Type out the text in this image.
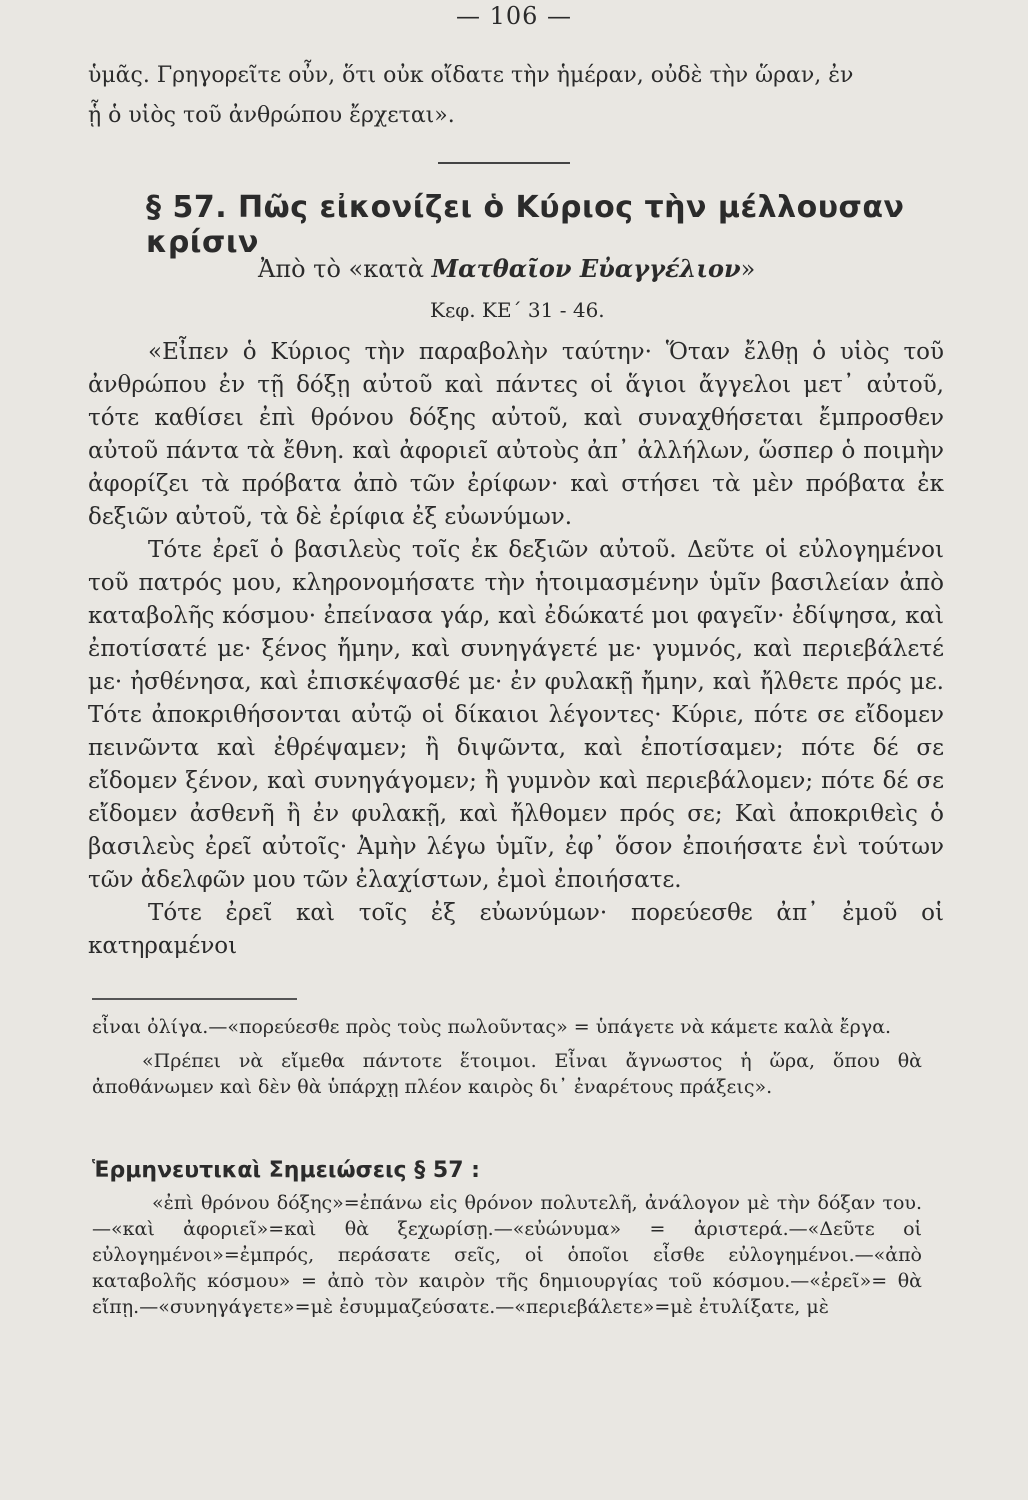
— 106 —
ὑμᾶς. Γρηγορεῖτε οὖν, ὅτι οὐκ οἴδατε τὴν ἡμέραν, οὐδὲ τὴν ὥραν, ἐν
ᾗ ὁ υἱὸς τοῦ ἀνθρώπου ἔρχεται».
§ 57. Πῶς εἰκονίζει ὁ Κύριος τὴν μέλλουσαν κρίσιν
Ἀπὸ τὸ «κατὰ Ματθαῖον Εὐαγγέλιον»
Κεφ. ΚΕ΄ 31 - 46.

«Εἶπεν ὁ Κύριος τὴν παραβολὴν ταύτην· Ὅταν ἔλθῃ ὁ υἱὸς τοῦ ἀνθρώπου ἐν τῇ δόξῃ αὐτοῦ καὶ πάντες οἱ ἅγιοι ἄγγελοι μετ᾽ αὐτοῦ, τότε καθίσει ἐπὶ θρόνου δόξης αὐτοῦ, καὶ συναχθήσεται ἔμπροσθεν αὐτοῦ πάντα τὰ ἔθνη. καὶ ἀφοριεῖ αὐτοὺς ἀπ᾽ ἀλλήλων, ὥσπερ ὁ ποιμὴν ἀφορίζει τὰ πρόβατα ἀπὸ τῶν ἐρίφων· καὶ στήσει τὰ μὲν πρόβατα ἐκ δεξιῶν αὐτοῦ, τὰ δὲ ἐρίφια ἐξ εὐωνύμων.

Τότε ἐρεῖ ὁ βασιλεὺς τοῖς ἐκ δεξιῶν αὐτοῦ. Δεῦτε οἱ εὐλογημένοι τοῦ πατρός μου, κληρονομήσατε τὴν ἡτοιμασμένην ὑμῖν βασιλείαν ἀπὸ καταβολῆς κόσμου· ἐπείνασα γάρ, καὶ ἐδώκατέ μοι φαγεῖν· ἐδίψησα, καὶ ἐποτίσατέ με· ξένος ἤμην, καὶ συνηγάγετέ με· γυμνός, καὶ περιεβάλετέ με· ἠσθένησα, καὶ ἐπισκέψασθέ με· ἐν φυλακῇ ἤμην, καὶ ἤλθετε πρός με. Τότε ἀποκριθήσονται αὐτῷ οἱ δίκαιοι λέγοντες· Κύριε, πότε σε εἴδομεν πεινῶντα καὶ ἐθρέψαμεν; ἢ διψῶντα, καὶ ἐποτίσαμεν; πότε δέ σε εἴδομεν ξένον, καὶ συνηγάγομεν; ἢ γυμνὸν καὶ περιεβάλομεν; πότε δέ σε εἴδομεν ἀσθενῆ ἢ ἐν φυλακῇ, καὶ ἤλθομεν πρός σε; Καὶ ἀποκριθεὶς ὁ βασιλεὺς ἐρεῖ αὐτοῖς· Ἀμὴν λέγω ὑμῖν, ἐφ᾽ ὅσον ἐποιήσατε ἑνὶ τούτων τῶν ἀδελφῶν μου τῶν ἐλαχίστων, ἐμοὶ ἐποιήσατε.

Τότε ἐρεῖ καὶ τοῖς ἐξ εὐωνύμων· πορεύεσθε ἀπ᾽ ἐμοῦ οἱ κατηραμένοι

εἶναι ὀλίγα.—«πορεύεσθε πρὸς τοὺς πωλοῦντας» = ὑπάγετε νὰ κάμετε καλὰ ἔργα.

«Πρέπει νὰ εἴμεθα πάντοτε ἕτοιμοι. Εἶναι ἄγνωστος ἡ ὥρα, ὅπου θὰ ἀποθάνωμεν καὶ δὲν θὰ ὑπάρχῃ πλέον καιρὸς δι᾽ ἐναρέτους πράξεις».

Ἑρμηνευτικαὶ Σημειώσεις § 57 :
«ἐπὶ θρόνου δόξης»=ἐπάνω εἰς θρόνον πολυτελῆ, ἀνάλογον μὲ τὴν δόξαν του.—«καὶ ἀφοριεῖ»=καὶ θὰ ξεχωρίσῃ.—«εὐώνυμα» = ἀριστερά.—«Δεῦτε οἱ εὐλογημένοι»=ἐμπρός, περάσατε σεῖς, οἱ ὁποῖοι εἶσθε εὐλογημένοι.—«ἀπὸ καταβολῆς κόσμου» = ἀπὸ τὸν καιρὸν τῆς δημιουργίας τοῦ κόσμου.—«ἐρεῖ»= θὰ εἴπῃ.—«συνηγάγετε»=μὲ ἐσυμμαζεύσατε.—«περιεβάλετε»=μὲ ἐτυλίξατε, μὲ
